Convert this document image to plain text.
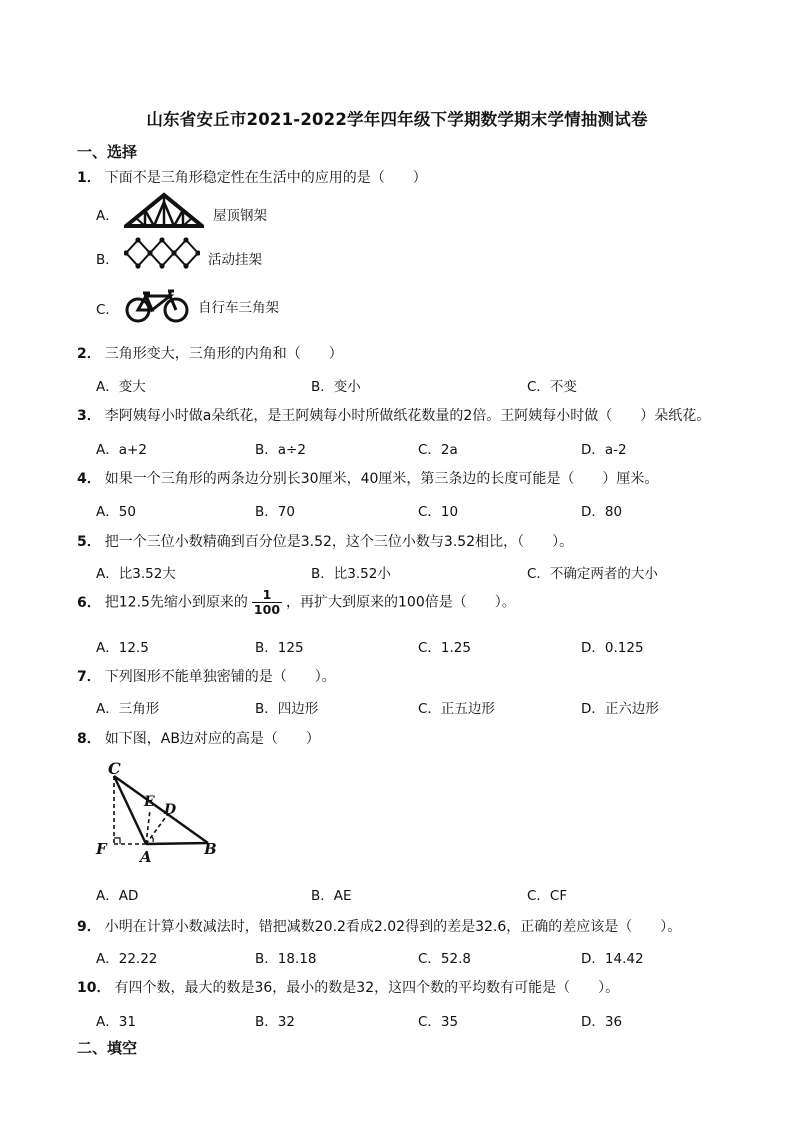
山东省安丘市2021-2022学年四年级下学期数学期末学情抽测试卷
一、选择
1． 下面不是三角形稳定性在生活中的应用的是（　　）
A．	屋顶钢架
B．	活动挂架
C．	自行车三角架
2． 三角形变大，三角形的内角和（　　）
A．变大	B．变小	C．不变
3． 李阿姨每小时做a朵纸花，是王阿姨每小时所做纸花数量的2倍。王阿姨每小时做（　　）朵纸花。
A．a+2	B．a÷2	C．2a	D．a-2
4． 如果一个三角形的两条边分别长30厘米，40厘米，第三条边的长度可能是（　　）厘米。
A．50	B．70	C．10	D．80
5． 把一个三位小数精确到百分位是3.52，这个三位小数与3.52相比，（　　）。
A．比3.52大	B．比3.52小	C．不确定两者的大小
6． 把12.5先缩小到原来的 $\frac{1}{100}$ ，再扩大到原来的100倍是（　　）。
A．12.5	B．125	C．1.25	D．0.125
7． 下列图形不能单独密铺的是（　　）。
A．三角形	B．四边形	C．正五边形	D．正六边形
8． 如下图，AB边对应的高是（　　）
C
E D
F A	B
A．AD	B．AE	C．CF
9． 小明在计算小数减法时，错把减数20.2看成2.02得到的差是32.6，正确的差应该是（　　）。
A．22.22	B．18.18	C．52.8	D．14.42
10． 有四个数，最大的数是36，最小的数是32，这四个数的平均数有可能是（　　）。
A．31	B．32	C．35	D．36
二、填空
